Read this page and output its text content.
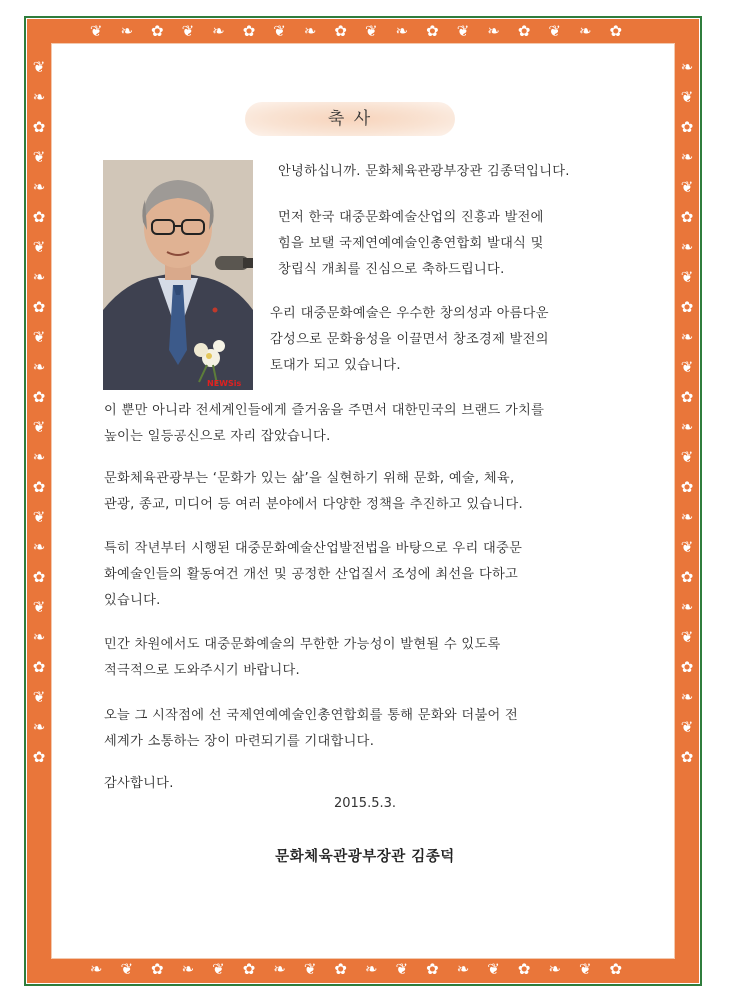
❦

❧

✿

❦

❧

✿

❦

❧

✿

❦

❧

✿

❦

❧

✿

❦

❧

✿

❦

❧

✿

❦

❧

✿
❧

❦

✿

❧

❦

✿

❧

❦

✿

❧

❦

✿

❧

❦

✿

❧

❦

✿

❧

❦

✿

❧

❦

✿
❦❧✿❦❧✿❦❧✿❦❧✿❦❧✿❦❧✿
❧❦✿❧❦✿❧❦✿❧❦✿❧❦✿❧❦✿
축 사
NEWSis
안녕하십니까. 문화체육관광부장관 김종덕입니다.
먼저 한국 대중문화예술산업의 진흥과 발전에
힘을 보탤 국제연예예술인총연합회 발대식 및
창립식 개최를 진심으로 축하드립니다.
우리 대중문화예술은 우수한 창의성과 아름다운
감성으로 문화융성을 이끌면서 창조경제 발전의
토대가 되고 있습니다.
이 뿐만 아니라 전세계인들에게 즐거움을 주면서 대한민국의 브랜드 가치를
높이는 일등공신으로 자리 잡았습니다.
문화체육관광부는 ‘문화가 있는 삶’을 실현하기 위해 문화, 예술, 체육,
관광, 종교, 미디어 등 여러 분야에서 다양한 정책을 추진하고 있습니다.
특히 작년부터 시행된 대중문화예술산업발전법을 바탕으로 우리 대중문
화예술인들의 활동여건 개선 및 공정한 산업질서 조성에 최선을 다하고
있습니다.
민간 차원에서도 대중문화예술의 무한한 가능성이 발현될 수 있도록
적극적으로 도와주시기 바랍니다.
오늘 그 시작점에 선 국제연예예술인총연합회를 통해 문화와 더불어 전
세계가 소통하는 장이 마련되기를 기대합니다.
감사합니다.
2015.5.3.
문화체육관광부장관 김종덕
